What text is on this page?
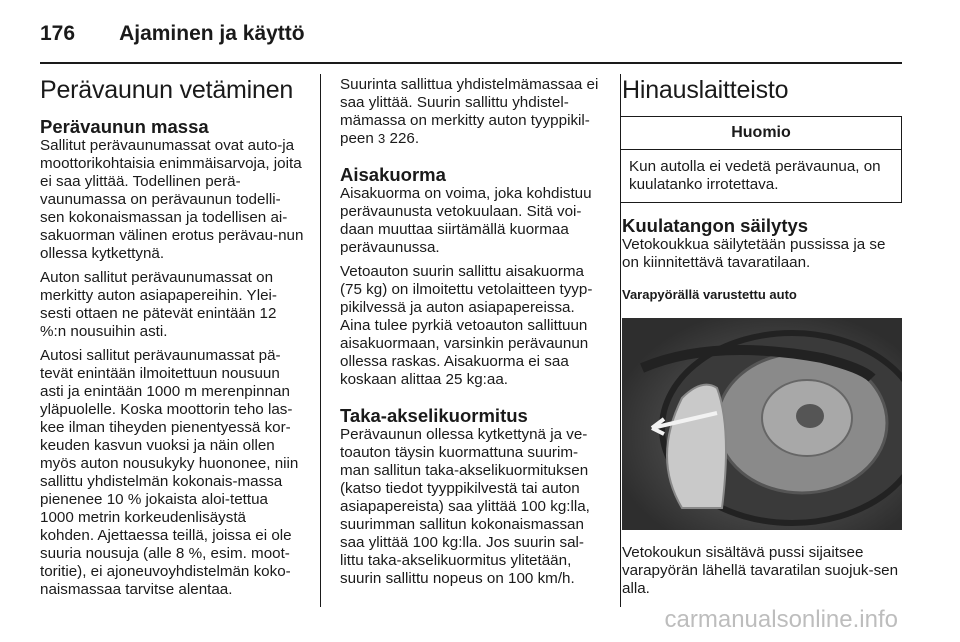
176 Ajaminen ja käyttö
Perävaunun vetäminen
Perävaunun massa

Sallitut perävaunumassat ovat auto-ja moottorikohtaisia enimmäisarvoja, joita ei saa ylittää. Todellinen perä-vaunumassa on perävaunun todelli-sen kokonaismassan ja todellisen ai-sakuorman välinen erotus perävau-nun ollessa kytkettynä.

Auton sallitut perävaunumassat on merkitty auton asiapapereihin. Ylei-sesti ottaen ne pätevät enintään 12 %:n nousuihin asti.

Autosi sallitut perävaunumassat pä-tevät enintään ilmoitettuun nousuun asti ja enintään 1000 m merenpinnan yläpuolelle. Koska moottorin teho las-kee ilman tiheyden pienentyessä kor-keuden kasvun vuoksi ja näin ollen myös auton nousukyky huononee, niin sallittu yhdistelmän kokonais-massa pienenee 10 % jokaista aloi-tettua 1000 metrin korkeudenlisäystä kohden. Ajettaessa teillä, joissa ei ole suuria nousuja (alle 8 %, esim. moot-toritie), ei ajoneuvoyhdistelmän koko-naismassaa tarvitse alentaa.

Suurinta sallittua yhdistelmämassaa ei saa ylittää. Suurin sallittu yhdistel-mämassa on merkitty auton tyyppikil-peen 3 226.

Aisakuorma

Aisakuorma on voima, joka kohdistuu perävaunusta vetokuulaan. Sitä voi-daan muuttaa siirtämällä kuormaa perävaunussa.

Vetoauton suurin sallittu aisakuorma (75 kg) on ilmoitettu vetolaitteen tyyp-pikilvessä ja auton asiapapereissa. Aina tulee pyrkiä vetoauton sallittuun aisakuormaan, varsinkin perävaunun ollessa raskas. Aisakuorma ei saa koskaan alittaa 25 kg:aa.

Taka-akselikuormitus

Perävaunun ollessa kytkettynä ja ve-toauton täysin kuormattuna suurim-man sallitun taka-akselikuormituksen (katso tiedot tyyppikilvestä tai auton asiapapereista) saa ylittää 100 kg:lla, suurimman sallitun kokonaismassan saa ylittää 100 kg:lla. Jos suurin sal-littu taka-akselikuormitus ylitetään, suurin sallittu nopeus on 100 km/h.

Hinauslaitteisto
Huomio
Kun autolla ei vedetä perävaunua, on kuulatanko irrotettava.
Kuulatangon säilytys

Vetokoukkua säilytetään pussissa ja se on kiinnitettävä tavaratilaan.

Varapyörällä varustettu auto

Vetokoukun sisältävä pussi sijaitsee varapyörän lähellä tavaratilan suojuk-sen alla.

carmanualsonline.info
